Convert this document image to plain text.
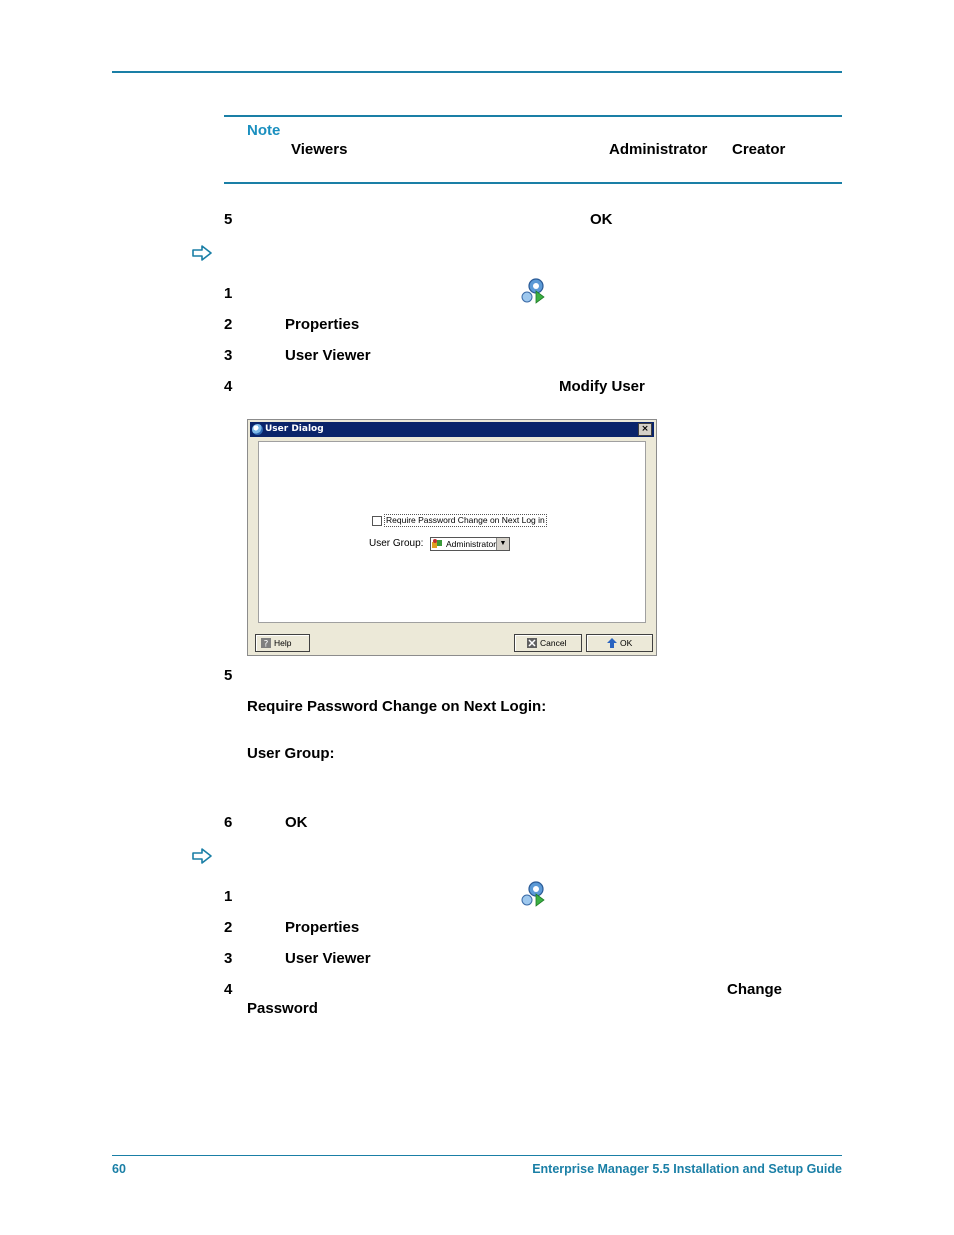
Note
Viewers	Administrator Creator
5	OK
1
2	Properties
3	User Viewer
4	Modify User
User Dialog	×
Require Password Change on Next Log in
User Group:	Administrator ▼
? Help	Cancel	OK
5
Require Password Change on Next Login:
User Group:
6	OK
1
2	Properties
3	User Viewer
4	Change
Password
60	Enterprise Manager 5.5 Installation and Setup Guide
